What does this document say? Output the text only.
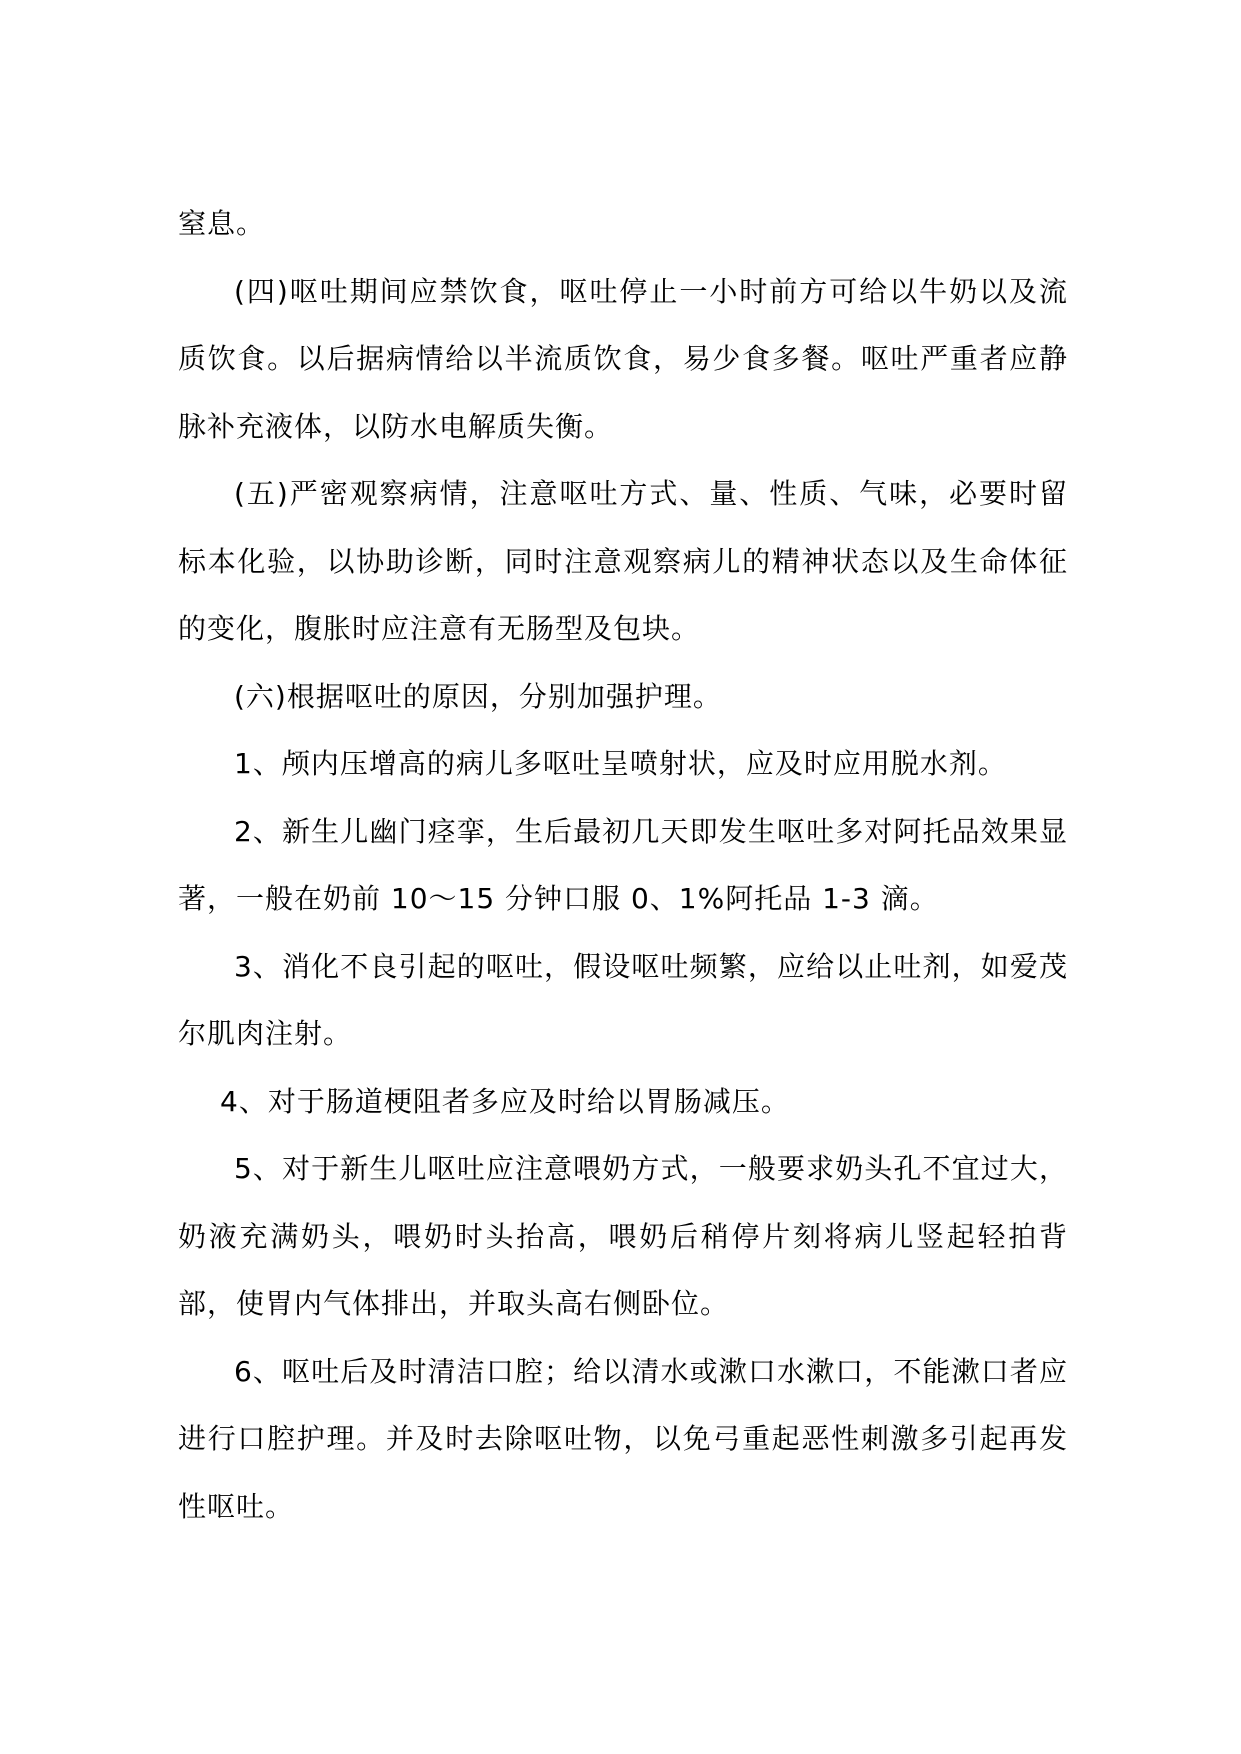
窒息。

(四)呕吐期间应禁饮食，呕吐停止一小时前方可给以牛奶以及流质饮食。以后据病情给以半流质饮食，易少食多餐。呕吐严重者应静脉补充液体，以防水电解质失衡。

(五)严密观察病情，注意呕吐方式、量、性质、气味，必要时留标本化验，以协助诊断，同时注意观察病儿的精神状态以及生命体征的变化，腹胀时应注意有无肠型及包块。

(六)根据呕吐的原因，分别加强护理。

1、颅内压增高的病儿多呕吐呈喷射状，应及时应用脱水剂。

2、新生儿幽门痉挛，生后最初几天即发生呕吐多对阿托品效果显著，一般在奶前 10～15 分钟口服 0、1%阿托品 1-3 滴。

3、消化不良引起的呕吐，假设呕吐频繁，应给以止吐剂，如爱茂尔肌肉注射。

4、对于肠道梗阻者多应及时给以胃肠减压。

5、对于新生儿呕吐应注意喂奶方式，一般要求奶头孔不宜过大，奶液充满奶头，喂奶时头抬高，喂奶后稍停片刻将病儿竖起轻拍背部，使胃内气体排出，并取头高右侧卧位。

6、呕吐后及时清洁口腔；给以清水或漱口水漱口，不能漱口者应进行口腔护理。并及时去除呕吐物，以免弓重起恶性刺激多引起再发性呕吐。
